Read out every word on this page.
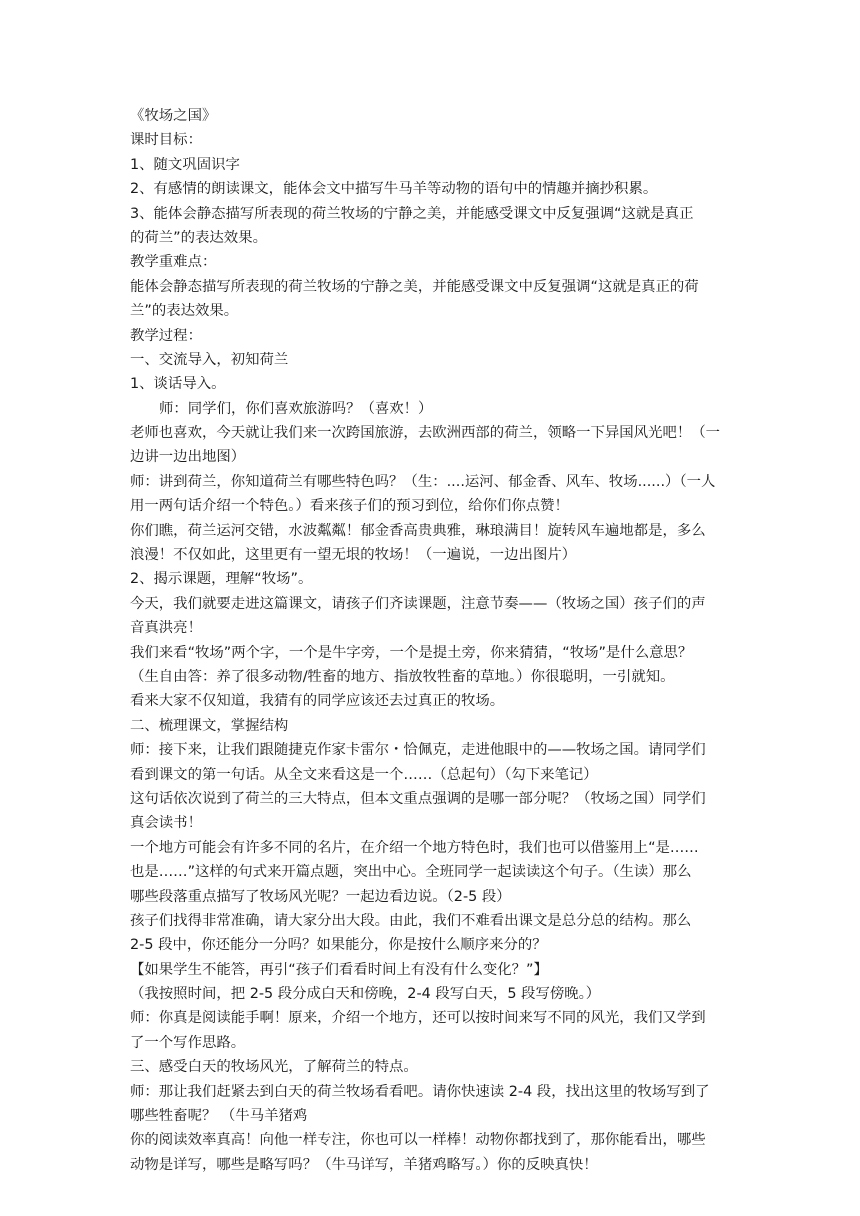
《牧场之国》
课时目标：
1、随文巩固识字
2、有感情的朗读课文，能体会文中描写牛马羊等动物的语句中的情趣并摘抄积累。
3、能体会静态描写所表现的荷兰牧场的宁静之美，并能感受课文中反复强调“这就是真正
的荷兰”的表达效果。
教学重难点：
能体会静态描写所表现的荷兰牧场的宁静之美，并能感受课文中反复强调“这就是真正的荷
兰”的表达效果。
教学过程：
一、交流导入，初知荷兰
1、谈话导入。
师：同学们，你们喜欢旅游吗？（喜欢！）
老师也喜欢，今天就让我们来一次跨国旅游，去欧洲西部的荷兰，领略一下异国风光吧！（一
边讲一边出地图）
师：讲到荷兰，你知道荷兰有哪些特色吗？（生：....运河、郁金香、风车、牧场......）（一人
用一两句话介绍一个特色。）看来孩子们的预习到位，给你们你点赞！
你们瞧，荷兰运河交错，水波粼粼！郁金香高贵典雅，琳琅满目！旋转风车遍地都是，多么
浪漫！不仅如此，这里更有一望无垠的牧场！（一遍说，一边出图片）
2、揭示课题，理解“牧场”。
今天，我们就要走进这篇课文，请孩子们齐读课题，注意节奏——（牧场之国）孩子们的声
音真洪亮！
我们来看“牧场”两个字，一个是牛字旁，一个是提土旁，你来猜猜，“牧场”是什么意思？
（生自由答：养了很多动物/牲畜的地方、指放牧牲畜的草地。）你很聪明，一引就知。
看来大家不仅知道，我猜有的同学应该还去过真正的牧场。
二、梳理课文，掌握结构
师：接下来，让我们跟随捷克作家卡雷尔・恰佩克，走进他眼中的——牧场之国。请同学们
看到课文的第一句话。从全文来看这是一个……（总起句）（勾下来笔记）
这句话依次说到了荷兰的三大特点，但本文重点强调的是哪一部分呢？（牧场之国）同学们
真会读书！
一个地方可能会有许多不同的名片，在介绍一个地方特色时，我们也可以借鉴用上“是……
也是……”这样的句式来开篇点题，突出中心。全班同学一起读读这个句子。（生读）那么
哪些段落重点描写了牧场风光呢？一起边看边说。（2-5 段）
孩子们找得非常准确，请大家分出大段。由此，我们不难看出课文是总分总的结构。那么
2-5 段中，你还能分一分吗？如果能分，你是按什么顺序来分的？
【如果学生不能答，再引“孩子们看看时间上有没有什么变化？”】
（我按照时间，把 2-5 段分成白天和傍晚，2-4 段写白天，5 段写傍晚。）
师：你真是阅读能手啊！原来，介绍一个地方，还可以按时间来写不同的风光，我们又学到
了一个写作思路。
三、感受白天的牧场风光，了解荷兰的特点。
师：那让我们赶紧去到白天的荷兰牧场看看吧。请你快速读 2-4 段，找出这里的牧场写到了
哪些牲畜呢？ （牛马羊猪鸡
你的阅读效率真高！向他一样专注，你也可以一样棒！动物你都找到了，那你能看出，哪些
动物是详写，哪些是略写吗？（牛马详写，羊猪鸡略写。）你的反映真快！
